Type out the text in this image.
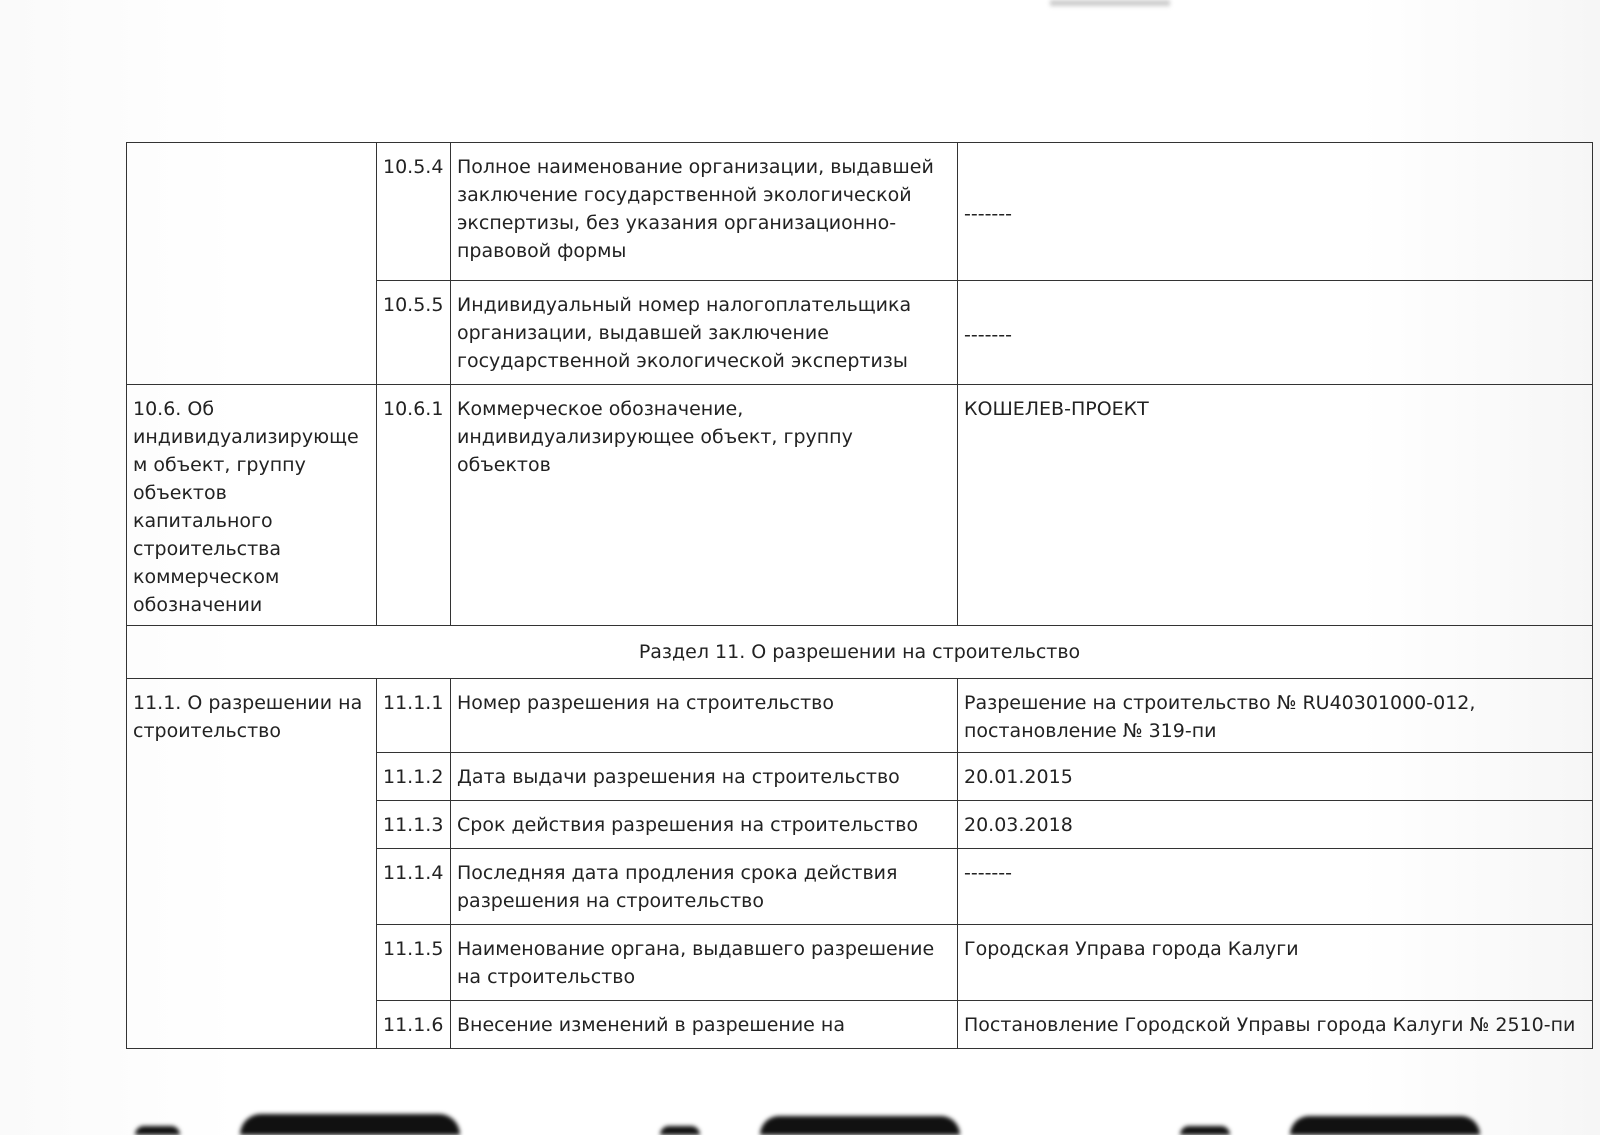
	10.5.4	Полное наименование организации, выдавшей заключение государственной экологической экспертизы, без указания организационно-правовой формы	-------
	10.5.5	Индивидуальный номер налогоплательщика организации, выдавшей заключение государственной экологической экспертизы	-------
10.6. Об индивидуализирующе м объект, группу объектов капитального строительства коммерческом обозначении	10.6.1	Коммерческое обозначение, индивидуализирующее объект, группу объектов	КОШЕЛЕВ-ПРОЕКТ
Раздел 11. О разрешении на строительство			
11.1. О разрешении на строительство	11.1.1	Номер разрешения на строительство	Разрешение на строительство № RU40301000-012, постановление № 319-пи
	11.1.2	Дата выдачи разрешения на строительство	20.01.2015
	11.1.3	Срок действия разрешения на строительство	20.03.2018
	11.1.4	Последняя дата продления срока действия разрешения на строительство	-------
	11.1.5	Наименование органа, выдавшего разрешение на строительство	Городская Управа города Калуги
	11.1.6	Внесение изменений в разрешение на	Постановление Городской Управы города Калуги № 2510-пи
